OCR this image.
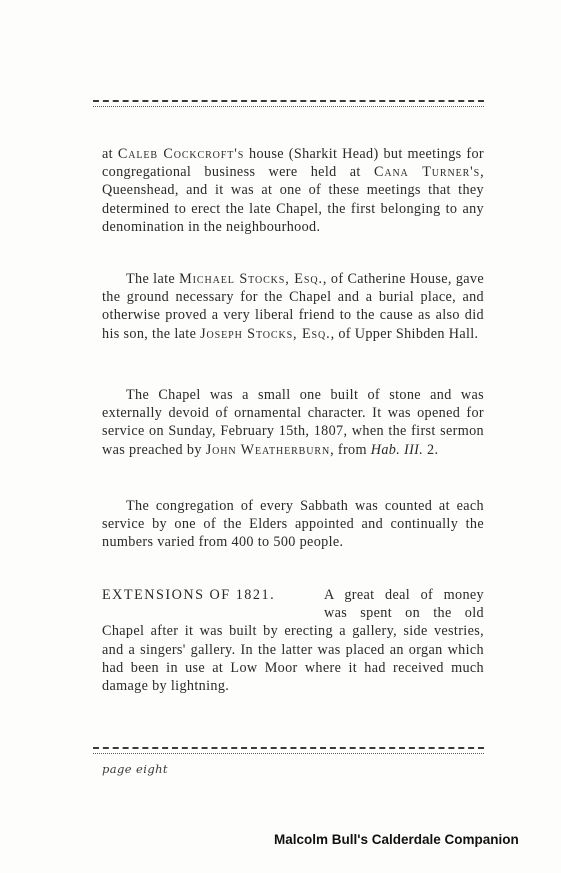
at Caleb Cockcroft's house (Sharkit Head) but meetings for congregational business were held at Cana Turner's, Queenshead, and it was at one of these meetings that they determined to erect the late Chapel, the first belonging to any denomination in the neighbourhood.

The late Michael Stocks, Esq., of Catherine House, gave the ground necessary for the Chapel and a burial place, and otherwise proved a very liberal friend to the cause as also did his son, the late Joseph Stocks, Esq., of Upper Shibden Hall.

The Chapel was a small one built of stone and was externally devoid of ornamental character. It was opened for service on Sunday, February 15th, 1807, when the first sermon was preached by John Weatherburn, from Hab. III. 2.

The congregation of every Sabbath was counted at each service by one of the Elders appointed and continually the numbers varied from 400 to 500 people.

EXTENSIONS OF 1821.	A great deal of money was spent on the old Chapel after it was built by erecting a gallery, side vestries, and a singers' gallery. In the latter was placed an organ which had been in use at Low Moor where it had received much damage by lightning.

page eight
Malcolm Bull's Calderdale Companion
